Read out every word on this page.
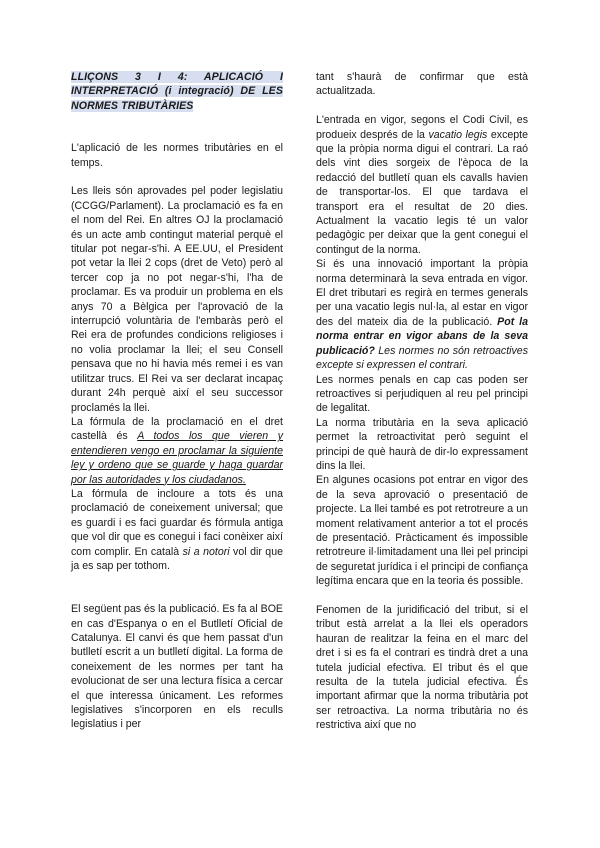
LLIÇONS 3 I 4: APLICACIÓ I INTERPRETACIÓ (i integració) DE LES NORMES TRIBUTÀRIES

L'aplicació de les normes tributàries en el temps.

Les lleis són aprovades pel poder legislatiu (CCGG/Parlament). La proclamació es fa en el nom del Rei. En altres OJ la proclamació és un acte amb contingut material perquè el titular pot negar-s'hi. A EE.UU, el President pot vetar la llei 2 cops (dret de Veto) però al tercer cop ja no pot negar-s'hi, l'ha de proclamar. Es va produir un problema en els anys 70 a Bèlgica per l'aprovació de la interrupció voluntària de l'embaràs però el Rei era de profundes condicions religioses i no volia proclamar la llei; el seu Consell pensava que no hi havia més remei i es van utilitzar trucs. El Rei va ser declarat incapaç durant 24h perquè així el seu successor proclamés la llei.

La fórmula de la proclamació en el dret castellà és A todos los que vieren y entendieren vengo en proclamar la siguiente ley y ordeno que se guarde y haga guardar por las autoridades y los ciudadanos.

La fórmula de incloure a tots és una proclamació de coneixement universal; que es guardi i es faci guardar és fórmula antiga que vol dir que es conegui i faci conèixer així com complir. En català si a notori vol dir que ja es sap per tothom.

El següent pas és la publicació. Es fa al BOE en cas d'Espanya o en el Butlletí Oficial de Catalunya. El canvi és que hem passat d'un butlletí escrit a un butlletí digital. La forma de coneixement de les normes per tant ha evolucionat de ser una lectura física a cercar el que interessa únicament. Les reformes legislatives s'incorporen en els reculls legislatius i per

tant s'haurà de confirmar que està actualitzada.

L'entrada en vigor, segons el Codi Civil, es produeix després de la vacatio legis excepte que la pròpia norma digui el contrari. La raó dels vint dies sorgeix de l'època de la redacció del butlletí quan els cavalls havien de transportar-los. El que tardava el transport era el resultat de 20 dies. Actualment la vacatio legis té un valor pedagògic per deixar que la gent conegui el contingut de la norma.

Si és una innovació important la pròpia norma determinarà la seva entrada en vigor. El dret tributari es regirà en termes generals per una vacatio legis nul·la, al estar en vigor des del mateix dia de la publicació. Pot la norma entrar en vigor abans de la seva publicació? Les normes no són retroactives excepte si expressen el contrari.

Les normes penals en cap cas poden ser retroactives si perjudiquen al reu pel principi de legalitat.

La norma tributària en la seva aplicació permet la retroactivitat però seguint el principi de què haurà de dir-lo expressament dins la llei.

En algunes ocasions pot entrar en vigor des de la seva aprovació o presentació de projecte. La llei també es pot retrotreure a un moment relativament anterior a tot el procés de presentació. Pràcticament és impossible retrotreure il·limitadament una llei pel principi de seguretat jurídica i el principi de confiança legítima encara que en la teoria és possible.

Fenomen de la juridificació del tribut, si el tribut està arrelat a la llei els operadors hauran de realitzar la feina en el marc del dret i si es fa el contrari es tindrà dret a una tutela judicial efectiva. El tribut és el que resulta de la tutela judicial efectiva. És important afirmar que la norma tributària pot ser retroactiva. La norma tributària no és restrictiva així que no
